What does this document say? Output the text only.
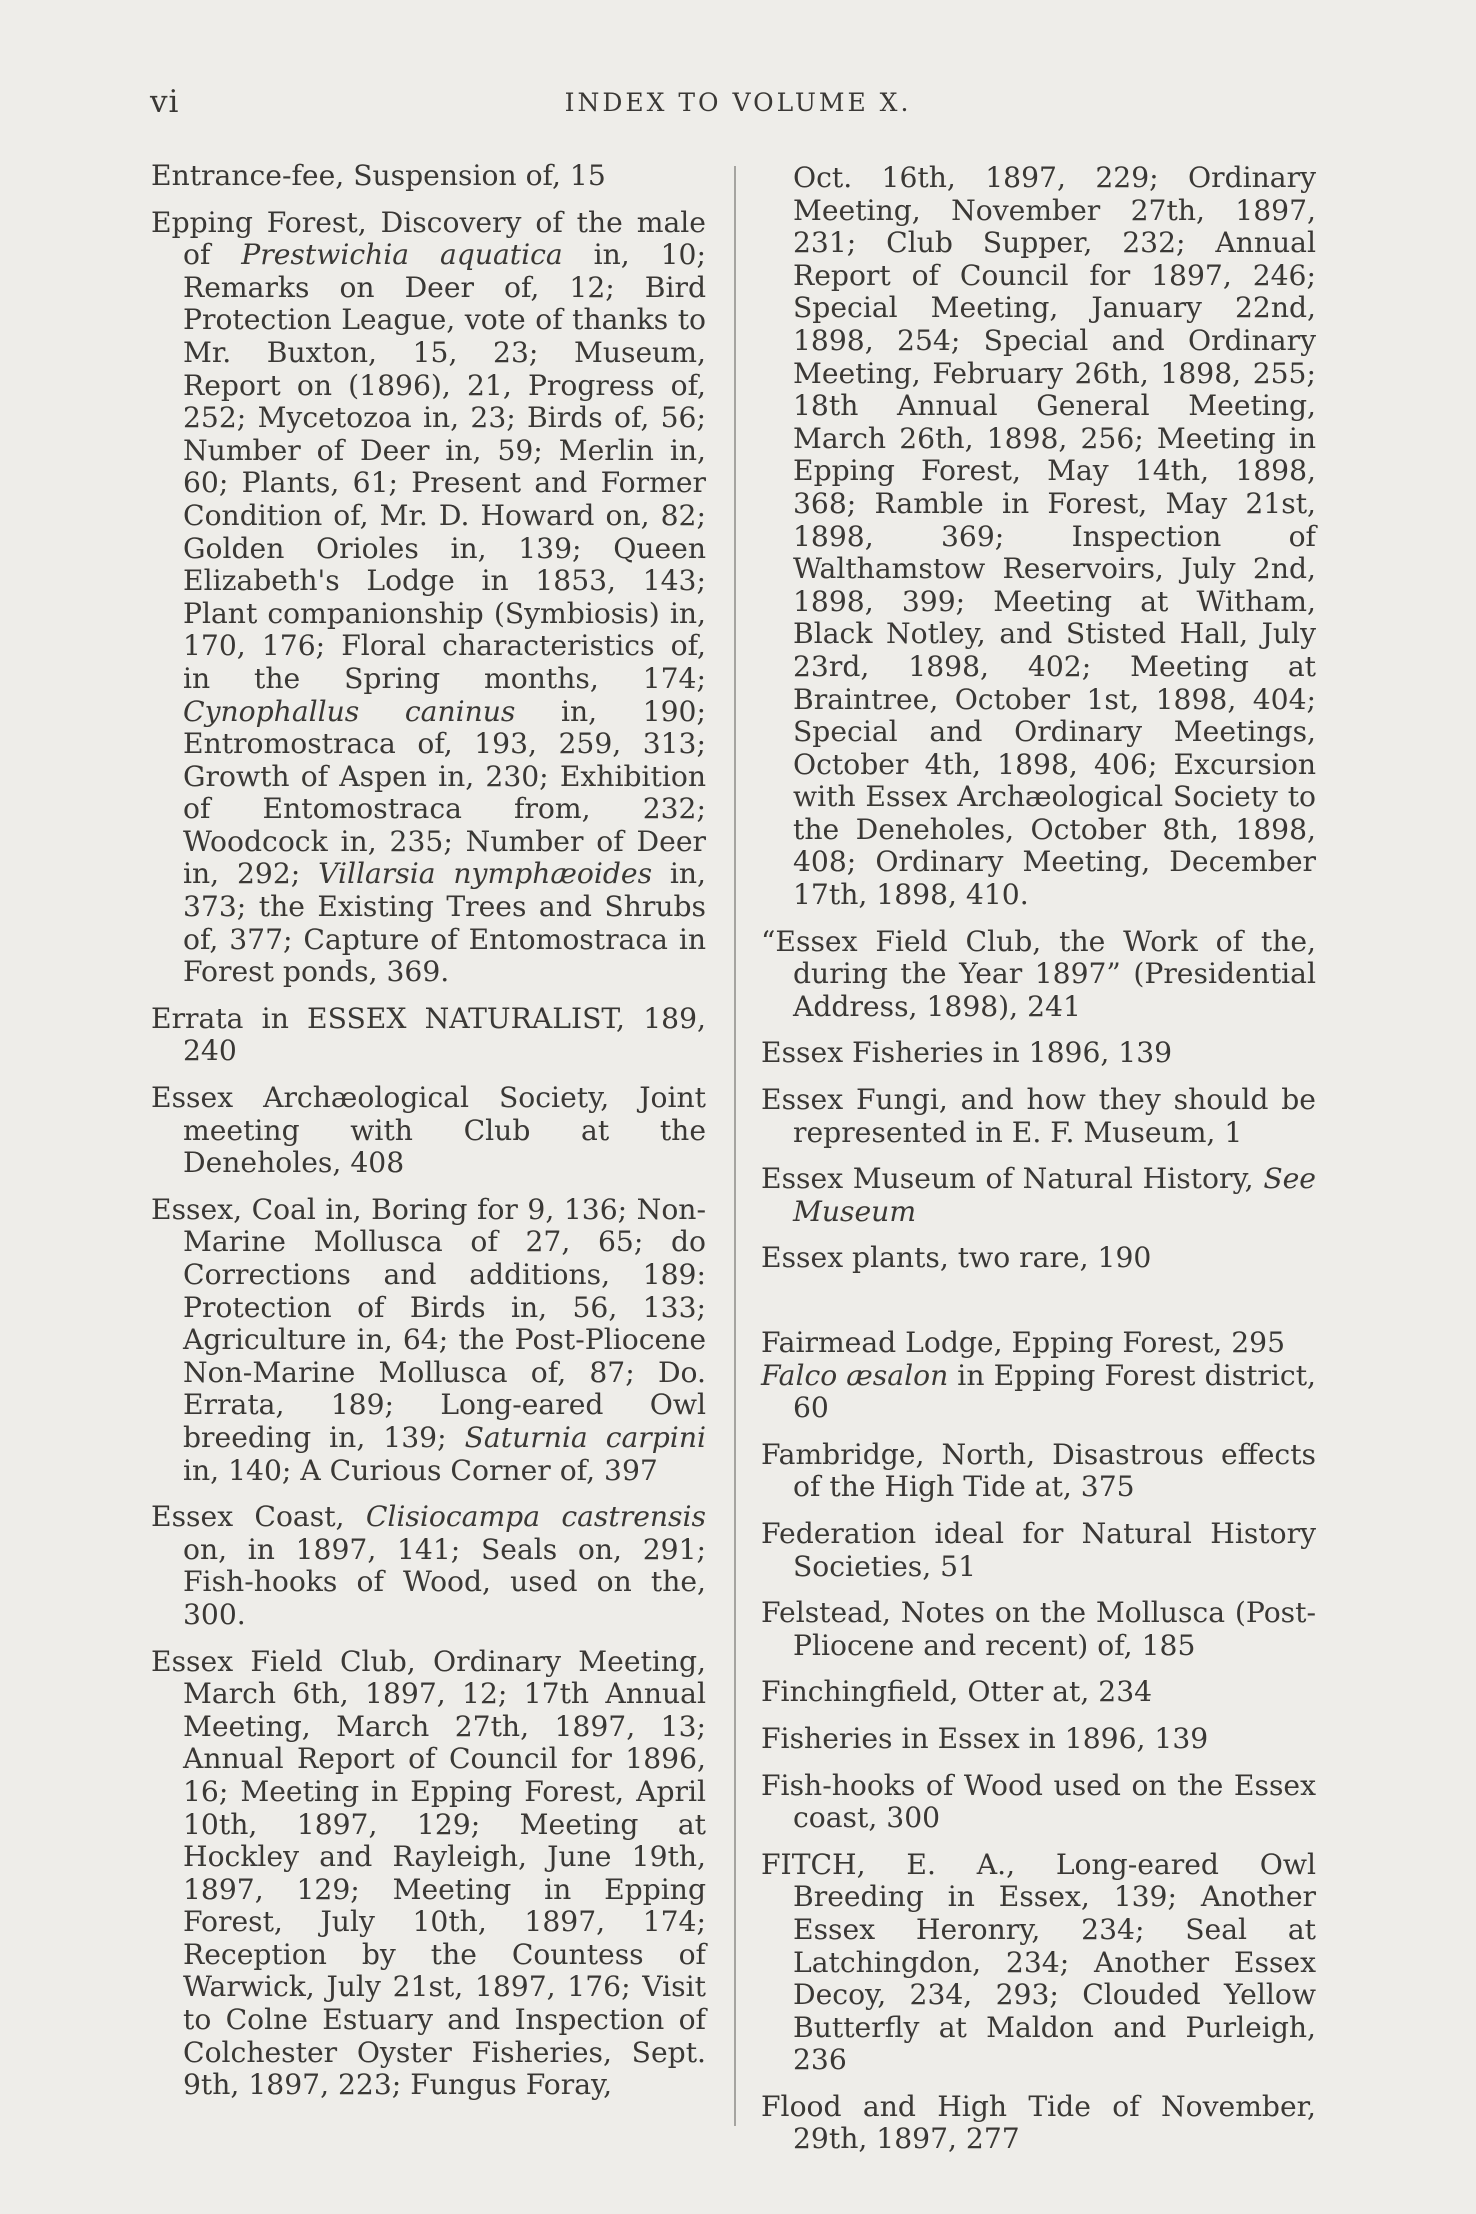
vi	INDEX TO VOLUME X.

Entrance-fee, Suspension of, 15

Epping Forest, Discovery of the male of Prestwichia aquatica in, 10; Remarks on Deer of, 12; Bird Protection League, vote of thanks to Mr. Buxton, 15, 23; Museum, Report on (1896), 21, Progress of, 252; Mycetozoa in, 23; Birds of, 56; Number of Deer in, 59; Merlin in, 60; Plants, 61; Present and Former Condition of, Mr. D. Howard on, 82; Golden Orioles in, 139; Queen Elizabeth's Lodge in 1853, 143; Plant companionship (Symbiosis) in, 170, 176; Floral characteristics of, in the Spring months, 174; Cynophallus caninus in, 190; Entromostraca of, 193, 259, 313; Growth of Aspen in, 230; Exhibition of Entomostraca from, 232; Woodcock in, 235; Number of Deer in, 292; Villarsia nymphæoides in, 373; the Existing Trees and Shrubs of, 377; Capture of Entomostraca in Forest ponds, 369.

Errata in ESSEX NATURALIST, 189, 240

Essex Archæological Society, Joint meeting with Club at the Deneholes, 408

Essex, Coal in, Boring for 9, 136; Non-Marine Mollusca of 27, 65; do Corrections and additions, 189: Protection of Birds in, 56, 133; Agriculture in, 64; the Post-Pliocene Non-Marine Mollusca of, 87; Do. Errata, 189; Long-eared Owl breeding in, 139; Saturnia carpini in, 140; A Curious Corner of, 397

Essex Coast, Clisiocampa castrensis on, in 1897, 141; Seals on, 291; Fish-hooks of Wood, used on the, 300.

Essex Field Club, Ordinary Meeting, March 6th, 1897, 12; 17th Annual Meeting, March 27th, 1897, 13; Annual Report of Council for 1896, 16; Meeting in Epping Forest, April 10th, 1897, 129; Meeting at Hockley and Rayleigh, June 19th, 1897, 129; Meeting in Epping Forest, July 10th, 1897, 174; Reception by the Countess of Warwick, July 21st, 1897, 176; Visit to Colne Estuary and Inspection of Colchester Oyster Fisheries, Sept. 9th, 1897, 223; Fungus Foray,

Oct. 16th, 1897, 229; Ordinary Meeting, November 27th, 1897, 231; Club Supper, 232; Annual Report of Council for 1897, 246; Special Meeting, January 22nd, 1898, 254; Special and Ordinary Meeting, February 26th, 1898, 255; 18th Annual General Meeting, March 26th, 1898, 256; Meeting in Epping Forest, May 14th, 1898, 368; Ramble in Forest, May 21st, 1898, 369; Inspection of Walthamstow Reservoirs, July 2nd, 1898, 399; Meeting at Witham, Black Notley, and Stisted Hall, July 23rd, 1898, 402; Meeting at Braintree, October 1st, 1898, 404; Special and Ordinary Meetings, October 4th, 1898, 406; Excursion with Essex Archæological Society to the Deneholes, October 8th, 1898, 408; Ordinary Meeting, December 17th, 1898, 410.

“Essex Field Club, the Work of the, during the Year 1897” (Presidential Address, 1898), 241

Essex Fisheries in 1896, 139

Essex Fungi, and how they should be represented in E. F. Museum, 1

Essex Museum of Natural History, See Museum

Essex plants, two rare, 190

Fairmead Lodge, Epping Forest, 295

Falco æsalon in Epping Forest district, 60

Fambridge, North, Disastrous effects of the High Tide at, 375

Federation ideal for Natural History Societies, 51

Felstead, Notes on the Mollusca (Post-Pliocene and recent) of, 185

Finchingfield, Otter at, 234

Fisheries in Essex in 1896, 139

Fish-hooks of Wood used on the Essex coast, 300

FITCH, E. A., Long-eared Owl Breeding in Essex, 139; Another Essex Heronry, 234; Seal at Latchingdon, 234; Another Essex Decoy, 234, 293; Clouded Yellow Butterfly at Maldon and Purleigh, 236

Flood and High Tide of November, 29th, 1897, 277
